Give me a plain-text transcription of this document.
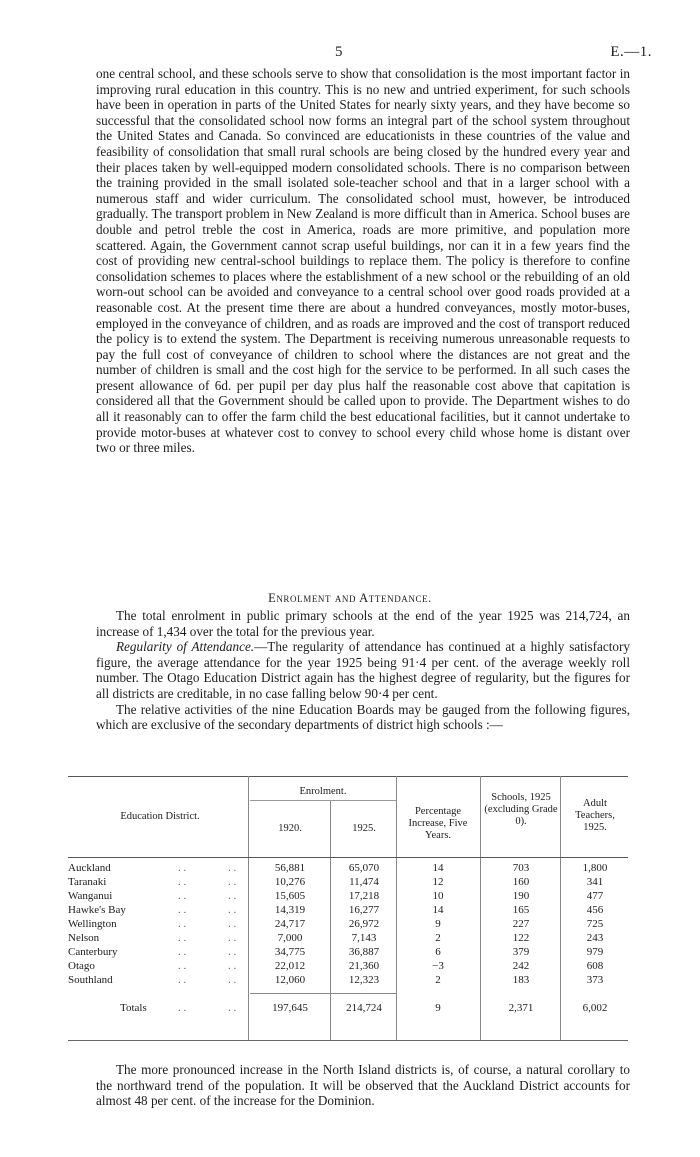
5	E.—1.

one central school, and these schools serve to show that consolidation is the most important factor in improving rural education in this country. This is no new and untried experiment, for such schools have been in operation in parts of the United States for nearly sixty years, and they have become so successful that the consolidated school now forms an integral part of the school system throughout the United States and Canada. So convinced are educationists in these countries of the value and feasibility of consolidation that small rural schools are being closed by the hundred every year and their places taken by well-equipped modern consolidated schools. There is no comparison between the training provided in the small isolated sole-teacher school and that in a larger school with a numerous staff and wider curriculum. The consolidated school must, however, be introduced gradually. The transport problem in New Zealand is more difficult than in America. School buses are double and petrol treble the cost in America, roads are more primitive, and population more scattered. Again, the Government cannot scrap useful buildings, nor can it in a few years find the cost of providing new central-school buildings to replace them. The policy is therefore to confine consolidation schemes to places where the establishment of a new school or the rebuilding of an old worn-out school can be avoided and conveyance to a central school over good roads provided at a reasonable cost. At the present time there are about a hundred conveyances, mostly motor-buses, employed in the conveyance of children, and as roads are improved and the cost of transport reduced the policy is to extend the system. The Department is receiving numerous unreasonable requests to pay the full cost of conveyance of children to school where the distances are not great and the number of children is small and the cost high for the service to be performed. In all such cases the present allowance of 6d. per pupil per day plus half the reasonable cost above that capitation is considered all that the Government should be called upon to provide. The Department wishes to do all it reasonably can to offer the farm child the best educational facilities, but it cannot undertake to provide motor-buses at whatever cost to convey to school every child whose home is distant over two or three miles.

Enrolment and Attendance.

The total enrolment in public primary schools at the end of the year 1925 was 214,724, an increase of 1,434 over the total for the previous year.

Regularity of Attendance.—The regularity of attendance has continued at a highly satisfactory figure, the average attendance for the year 1925 being 91·4 per cent. of the average weekly roll number. The Otago Education District again has the highest degree of regularity, but the figures for all districts are creditable, in no case falling below 90·4 per cent.

The relative activities of the nine Education Boards may be gauged from the following figures, which are exclusive of the secondary departments of district high schools :—

Education District.
Enrolment.
1920.	1925.
Percentage Increase, Five Years.
Schools, 1925 (excluding Grade 0).
Adult Teachers, 1925.
Auckland	. .	. .	56,881	65,070	14	703	1,800
Taranaki	. .	. .	10,276	11,474	12	160	341
Wanganui	. .	. .	15,605	17,218	10	190	477
Hawke's Bay	. .	. .	14,319	16,277	14	165	456
Wellington	. .	. .	24,717	26,972	9	227	725
Nelson	. .	. .	7,000	7,143	2	122	243
Canterbury	. .	. .	34,775	36,887	6	379	979
Otago	. .	. .	22,012	21,360	−3	242	608
Southland	. .	. .	12,060	12,323	2	183	373
Totals	. .	. .	197,645	214,724	9	2,371	6,002

The more pronounced increase in the North Island districts is, of course, a natural corollary to the northward trend of the population. It will be observed that the Auckland District accounts for almost 48 per cent. of the increase for the Dominion.
